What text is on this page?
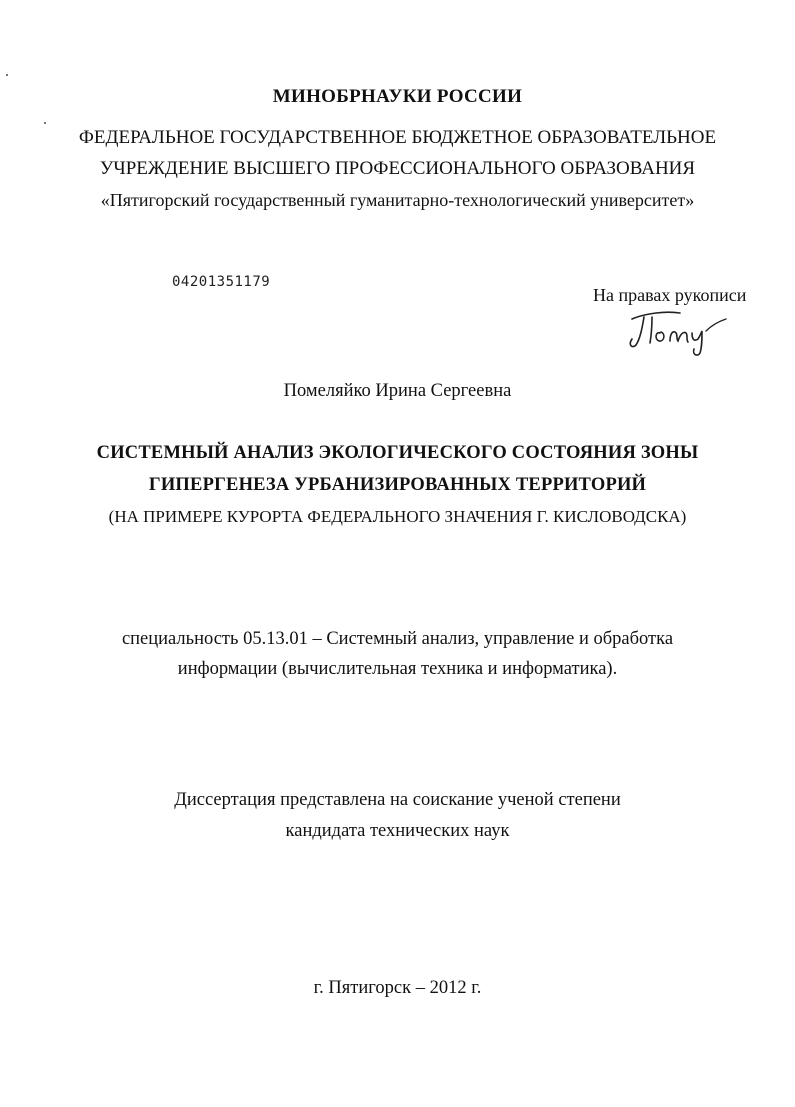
МИНОБРНАУКИ РОССИИ
ФЕДЕРАЛЬНОЕ ГОСУДАРСТВЕННОЕ БЮДЖЕТНОЕ ОБРАЗОВАТЕЛЬНОЕ
УЧРЕЖДЕНИЕ ВЫСШЕГО ПРОФЕССИОНАЛЬНОГО ОБРАЗОВАНИЯ
«Пятигорский государственный гуманитарно-технологический университет»
04201351179
На правах рукописи
Помеляйко Ирина Сергеевна
СИСТЕМНЫЙ АНАЛИЗ ЭКОЛОГИЧЕСКОГО СОСТОЯНИЯ ЗОНЫ
ГИПЕРГЕНЕЗА УРБАНИЗИРОВАННЫХ ТЕРРИТОРИЙ
(НА ПРИМЕРЕ КУРОРТА ФЕДЕРАЛЬНОГО ЗНАЧЕНИЯ Г. КИСЛОВОДСКА)
специальность 05.13.01 – Системный анализ, управление и обработка
информации (вычислительная техника и информатика).
Диссертация представлена на соискание ученой степени
кандидата технических наук
г. Пятигорск – 2012 г.
